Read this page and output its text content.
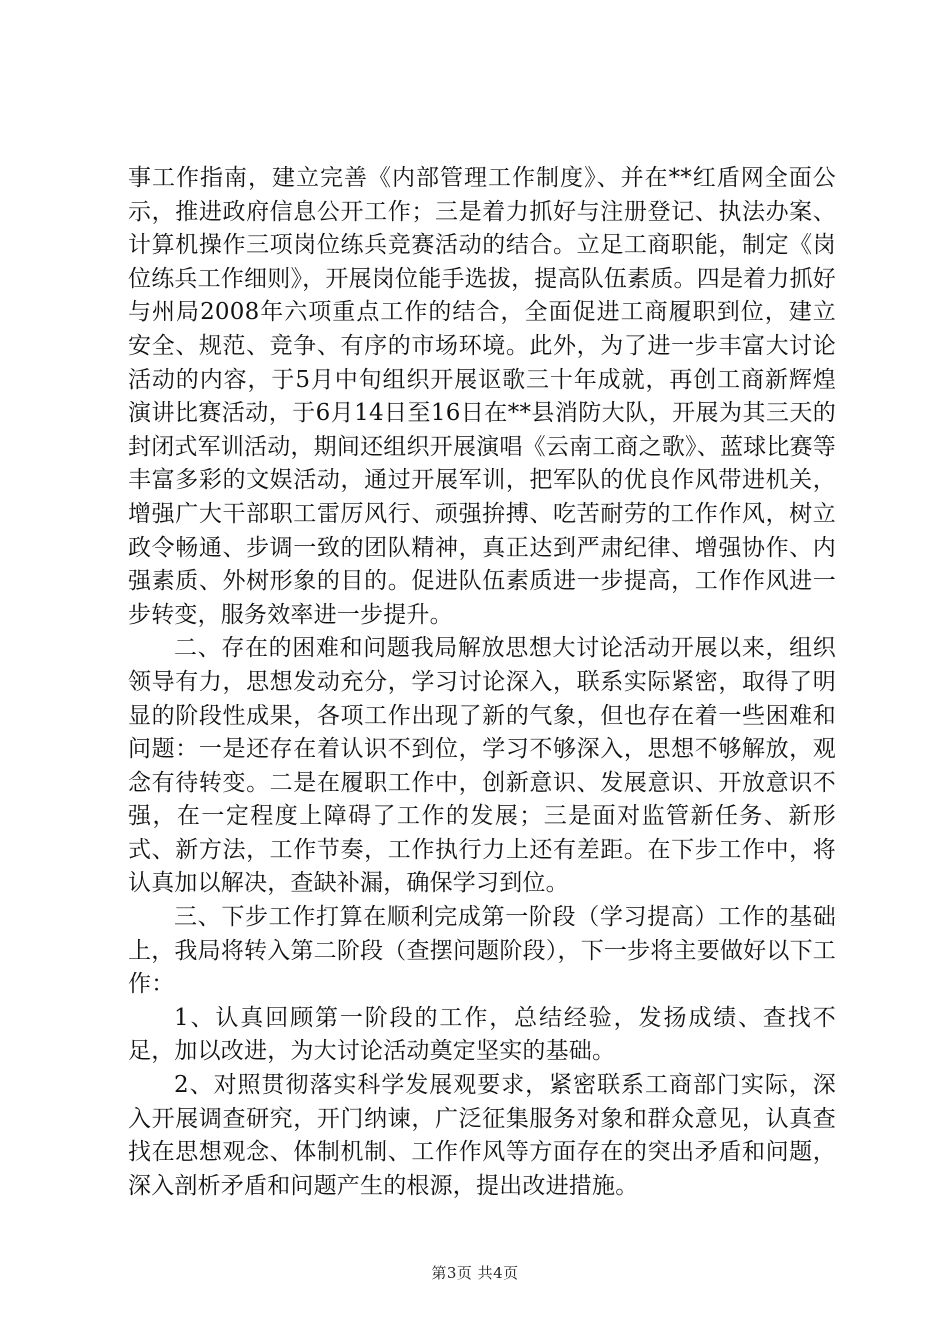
事工作指南，建立完善《内部管理工作制度》、并在**红盾网全面公示，推进政府信息公开工作；三是着力抓好与注册登记、执法办案、计算机操作三项岗位练兵竞赛活动的结合。立足工商职能，制定《岗位练兵工作细则》，开展岗位能手选拔，提高队伍素质。四是着力抓好与州局2008年六项重点工作的结合，全面促进工商履职到位，建立安全、规范、竞争、有序的市场环境。此外，为了进一步丰富大讨论活动的内容，于5月中旬组织开展讴歌三十年成就，再创工商新辉煌演讲比赛活动，于6月14日至16日在**县消防大队，开展为其三天的封闭式军训活动，期间还组织开展演唱《云南工商之歌》、蓝球比赛等丰富多彩的文娱活动，通过开展军训，把军队的优良作风带进机关，增强广大干部职工雷厉风行、顽强拚搏、吃苦耐劳的工作作风，树立政令畅通、步调一致的团队精神，真正达到严肃纪律、增强协作、内强素质、外树形象的目的。促进队伍素质进一步提高，工作作风进一步转变，服务效率进一步提升。

二、存在的困难和问题我局解放思想大讨论活动开展以来，组织领导有力，思想发动充分，学习讨论深入，联系实际紧密，取得了明显的阶段性成果，各项工作出现了新的气象，但也存在着一些困难和问题：一是还存在着认识不到位，学习不够深入，思想不够解放，观念有待转变。二是在履职工作中，创新意识、发展意识、开放意识不强，在一定程度上障碍了工作的发展；三是面对监管新任务、新形式、新方法，工作节奏，工作执行力上还有差距。在下步工作中，将认真加以解决，查缺补漏，确保学习到位。

三、下步工作打算在顺利完成第一阶段（学习提高）工作的基础上，我局将转入第二阶段（查摆问题阶段），下一步将主要做好以下工作：

1、认真回顾第一阶段的工作，总结经验，发扬成绩、查找不足，加以改进，为大讨论活动奠定坚实的基础。

2、对照贯彻落实科学发展观要求，紧密联系工商部门实际，深入开展调查研究，开门纳谏，广泛征集服务对象和群众意见，认真查找在思想观念、体制机制、工作作风等方面存在的突出矛盾和问题，深入剖析矛盾和问题产生的根源，提出改进措施。

第3页 共4页
